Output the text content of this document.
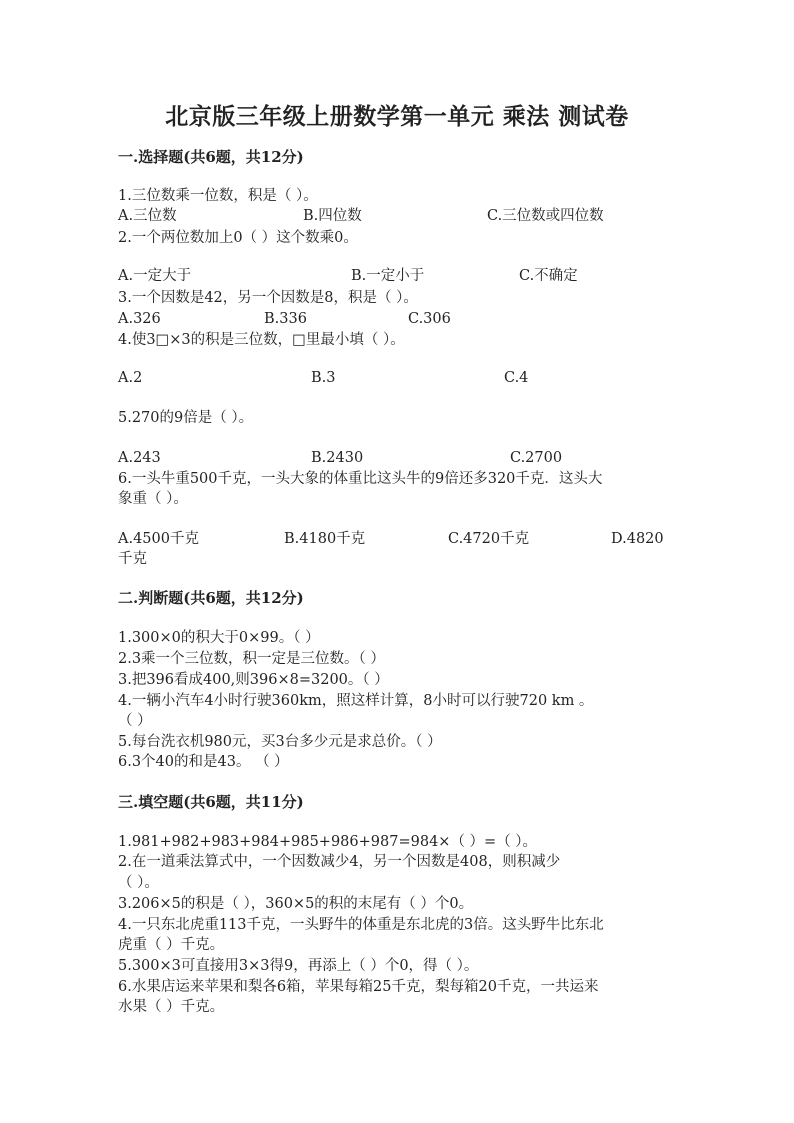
北京版三年级上册数学第一单元 乘法 测试卷
一.选择题(共6题，共12分)
1.三位数乘一位数，积是（ ）。
A.三位数	B.四位数	C.三位数或四位数
2.一个两位数加上0（ ）这个数乘0。
A.一定大于	B.一定小于	C.不确定
3.一个因数是42，另一个因数是8，积是（ ）。
A.326	B.336	C.306
4.使3□×3的积是三位数，□里最小填（ ）。
A.2	B.3	C.4
5.270的9倍是（ ）。
A.243	B.2430	C.2700
6.一头牛重500千克，一头大象的体重比这头牛的9倍还多320千克．这头大
象重（ ）。
A.4500千克	B.4180千克	C.4720千克	D.4820
千克
二.判断题(共6题，共12分)
1.300×0的积大于0×99。（ ）
2.3乘一个三位数，积一定是三位数。（ ）
3.把396看成400,则396×8=3200。（ ）
4.一辆小汽车4小时行驶360km，照这样计算，8小时可以行驶720 km 。
（ ）
5.每台洗衣机980元，买3台多少元是求总价。（ ）
6.3个40的和是43。 （ ）
三.填空题(共6题，共11分)
1.981+982+983+984+985+986+987=984×（ ）=（ ）。
2.在一道乘法算式中，一个因数减少4，另一个因数是408，则积减少
（ ）。
3.206×5的积是（ ），360×5的积的末尾有（ ）个0。
4.一只东北虎重113千克，一头野牛的体重是东北虎的3倍。这头野牛比东北
虎重（ ）千克。
5.300×3可直接用3×3得9，再添上（ ）个0，得（ ）。
6.水果店运来苹果和梨各6箱，苹果每箱25千克，梨每箱20千克，一共运来
水果（ ）千克。
